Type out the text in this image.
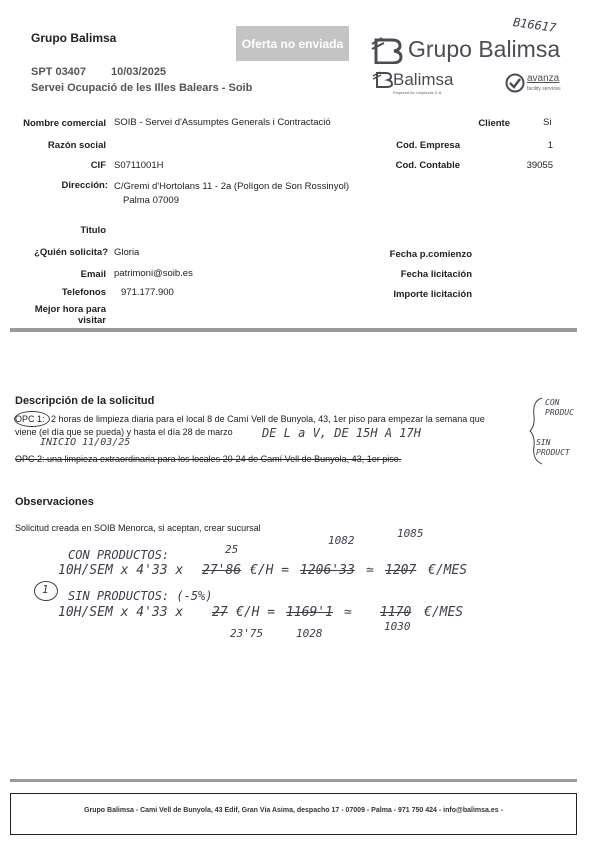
Grupo Balimsa	Oferta no enviada
SPT 03407 10/03/2025
Servei Ocupació de les Illes Balears - Soib
Grupo Balimsa
B16617
Balimsa
Empresa de Limpiezas S.A.
avanza
facility services
Nombre comercial SOIB - Servei d'Assumptes Generals i Contractació
Razón social
CIF S0711001H
Dirección: C/Gremi d'Hortolans 11 - 2a (Polígon de Son Rossinyol)
Palma 07009
Titulo
¿Quién solicita? Gloria
Email patrimoni@soib.es
Telefonos 971.177.900
Mejor hora para
visitar
Cliente	Si
Cod. Empresa	1
Cod. Contable	39055
Fecha p.comienzo
Fecha licitación
Importe licitación
Descripción de la solicitud
OPC 1: 2 horas de limpieza diaria para el local 8 de Camí Vell de Bunyola, 43, 1er piso para empezar la semana que
viene (el día que se pueda) y hasta el día 28 de marzo DE L a V, DE 15H A 17H
INICIO 11/03/25
OPC 2: una limpieza extraordinaria para los locales 20-24 de Camí Vell de Bunyola, 43, 1er piso.
CON PRODUC
SIN PRODUCT
Observaciones
Solicitud creada en SOIB Menorca, si aceptan, crear sucursal
1
1082
1085
CON PRODUCTOS:	25
10H/SEM x 4'33 x 27'86 €/H = 1206'33 ≃ 1207 €/MES
SIN PRODUCTOS: (-5%)
10H/SEM x 4'33 x 27 €/H = 1169'1 ≃ 1170 €/MES
23'75	1028
1030
Grupo Balimsa - Cami Vell de Bunyola, 43 Edif, Gran Via Asima, despacho 17 - 07009 - Palma - 971 750 424 - info@balimsa.es -
